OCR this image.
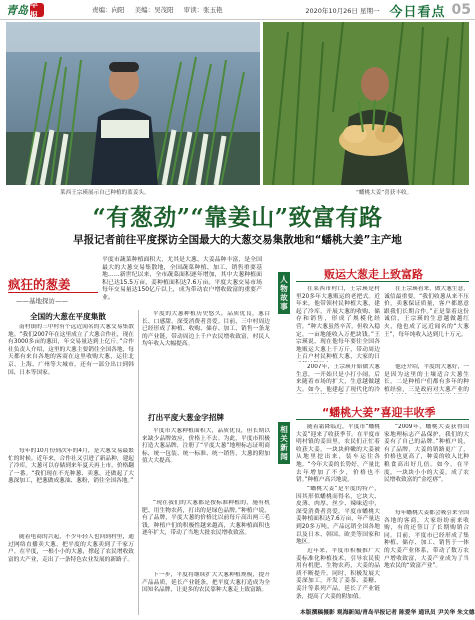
青岛 早报
责编：向阳 美编：吴茂阳 审读：张玉艳	2020年10月26日 星期一 今日看点 05
莱西王宗瑛展示自己种植的蓝姜头。	“蟠桃大姜”喜获丰收。
“有葱劲”“靠姜山”致富有路
早报记者前往平度探访全国最大的大葱交易集散地和“蟠桃大姜”主产地
疯狂的葱姜
——基地探访——
平度市蔬菜种植面积大，尤其是大葱、大姜品种丰富，是全国最大的大葱交易集散地，全国蔬菜种植、加工、销售重要基地……新世纪以来，全市蔬菜面积逐年增加，其中大葱种植面积已达15.5万亩，姜种植面积达7.6万亩。平度大葱交易市场每年交易量达150亿斤以上，成为带动农户增收致富的重要产业。
全国的大葱在平度集散
南村镇的三中村有个远近闻名的大葱交易集散地。“我们2007年在这里成立了大葱合作社，现在有3000多亩的葱田，年交易量达到上亿斤。”合作社负责人介绍，这里的大葱主要销往全国各地，每天都有来自各地的客商在这里收购大葱，运往北京、上海、广州等大城市，还有一部分出口到韩国、日本等国家。
每年的10月份到次年的4月，是大葱交易最繁忙的时候。近年来，合作社又引进了新品种，建起了冷库，大葱可以存储到来年夏天再上市，价格翻了一番。“我们现在不光种葱、卖葱，还做起了大葱深加工，把葱做成葱油、葱粉，销往全国各地。”
随着电商的兴起，不少年轻人也回到村里，通过网络直播卖大葱，把平度的大葱卖到了千家万户。在平度，一根小小的大葱，撑起了农民增收致富的大产业，走出了一条特色农业发展的新路子。
平度的大葱种植历史悠久，品质优良，葱白长、口感甜，深受消费者喜爱。目前，三中村周边已经形成了种植、收购、储存、加工、销售一条龙的产业链，带动周边上千户农民增收致富，村民人均年收入大幅提高。
打出平度大葱金字招牌
平度市大葱种植面积大，品质优良，但长期以来缺少品牌效应，价格上不去。为此，平度市积极打造大葱品牌，注册了“平度大葱”地理标志证明商标，统一包装、统一标准、统一销售，大葱的附加值大大提高。
“现在我们的大葱都是按标准种植的，施有机肥、用生物农药，打出的是绿色品牌。”种植户说，有了品牌，平度大葱的价格比以前每斤高出两三毛钱，种植户们的积极性越来越高，大葱种植面积也逐年扩大，带动了当地大批农民增收致富。
下一步，平度将继续扩大大葱种植规模，提升产品品质，延长产业链条，把平度大葱打造成为全国知名品牌，让更多的农民靠种大葱走上致富路。
人物故事
贩运大葱走上致富路
在莱西市村口，王宗瑛是村里20多年大葱贩运的老把式。近年来，他带领村民种植大葱，建起了冷库，开展大葱的收购、储存和销售，形成了规模化经营。“种大葱虽然辛苦，但收入稳定，一亩地能收入万把块钱。”王宗瑛说，现在他每年要往全国各地贩运大葱上千万斤，带动周边上百户村民种植大葱，大家的日
2007年，王宗瑛开始做大葱生意，一开始只是小打小闹，后来随着市场的扩大，生意越做越大。如今，他建起了现代化的冷
在王宗瑛看来，做大葱生意，诚信最重要。“我们收葱从来不压价，卖葱保证质量，客户都愿意跟我们长期合作。”正是靠着这份诚信，王宗瑛的生意越做越红火，他也成了远近闻名的“大葱王”，每年纯收入达到几十万元。
他还介绍，平度的大葱好，一是因为这里的土壤适合大葱生长，二是种植户们都有多年的种植经验，三是政府对大葱产业的
相关新闻
“蟠桃大姜”喜迎丰收季
随着霜降临近，平度市“蟠桃大姜”迎来了收获季节。在平度市明村镇的姜田里，农民们正忙着收获大姜，一块块鲜嫩的大姜被从地里挖出来，装车运往各地。“今年大姜的长势好，产量比去年增加了不少，价格也不错。”种植户高兴地说。
“蟠桃大姜”是平度的特产，因其形似蟠桃而得名，它块大、皮薄、肉厚、丝少、辣味适中，深受消费者喜爱。平度市蟠桃大姜种植面积达7.6万亩，年产量达到20多万吨，产品远销全国各地以及日本、韩国、欧美等国家和地区。
近年来，平度市积极推广大姜标准化种植技术，引导农民使用有机肥、生物农药，大姜的品质不断提升。同时，积极发展大姜深加工，开发了姜茶、姜糖、姜汁等系列产品，延长了产业链条，提高了大姜的附加值。
“2009年，蟠桃大姜获得国家地理标志产品保护，我们的大姜有了自己的品牌。”种植户说，有了品牌，大姜的销路更广了，价格也更高了，种姜的收入比种粮食高出好几倍。如今，在平度，一块块小小的大姜，成了农民增收致富的“金疙瘩”。
每年蟠桃大姜都会吸引来全国各地的客商，大家纷纷前来收购，有的还签订了长期购销合同。目前，平度市已经形成了集种植、储存、加工、销售于一体的大姜产业体系，带动了数万农户增收致富，大姜产业成为了当地农民的“致富产业”。
本版撰稿摄影 观海新闻/青岛早报记者 陈爱华 通讯员 尹关华 朱文德
